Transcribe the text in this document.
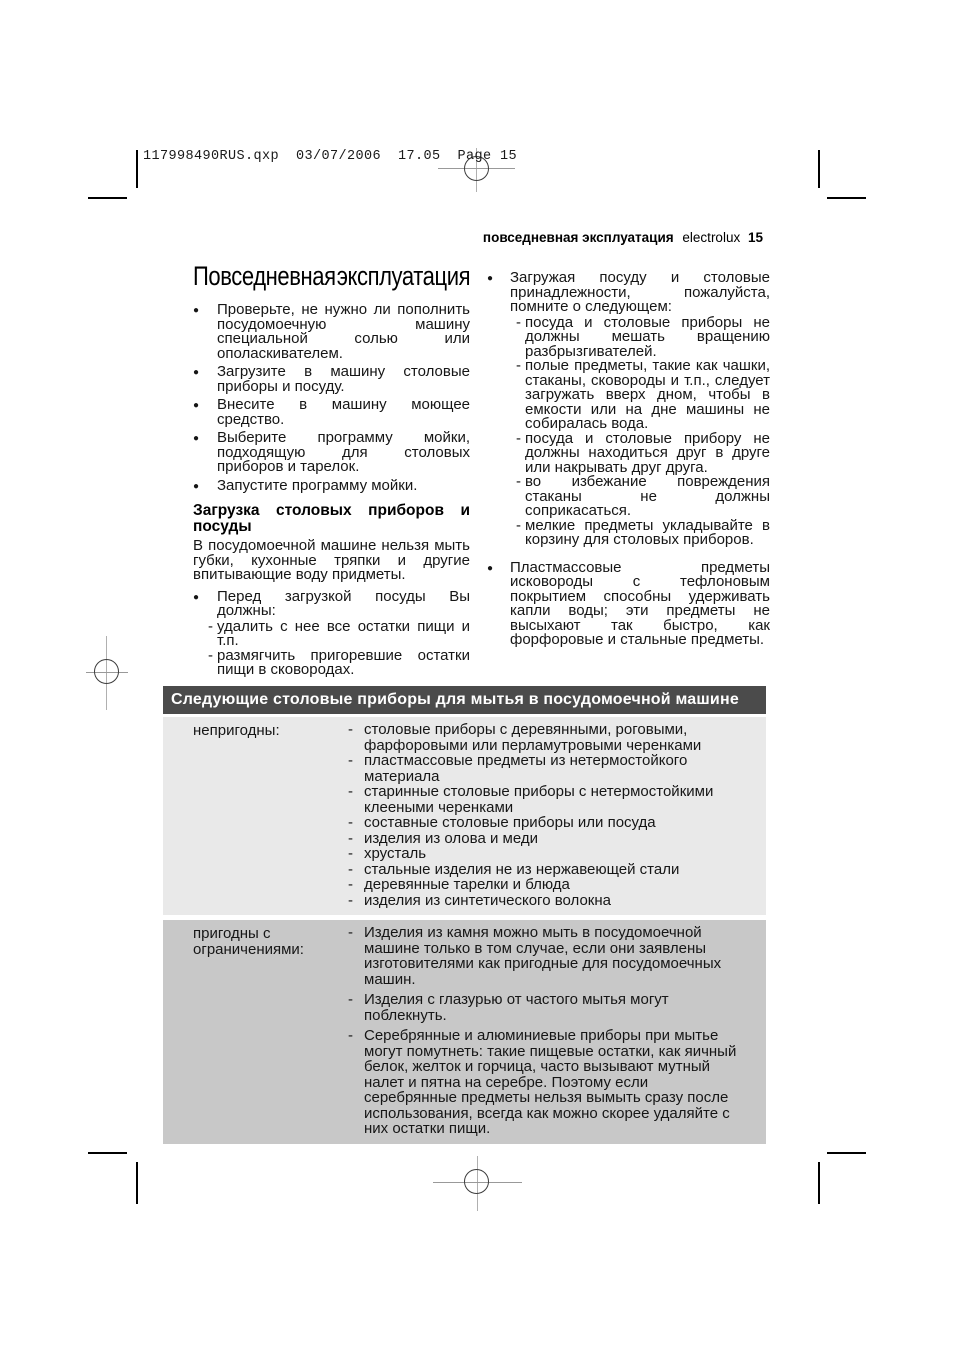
117998490RUS.qxp  03/07/2006  17.05  Page 15
повседневная эксплуатация electrolux 15
Повседневная эксплуатация
●	Проверьте, не нужно ли пополнить посудомоечную машину специальной солью или ополаскивателем.
●	Загрузите в машину столовые приборы и посуду.
●	Внесите в машину моющее средство.
●	Выберите программу мойки, подходящую для столовых приборов и тарелок.
●	Запустите программу мойки.
Загрузка столовых приборов и посуды

В посудомоечной машине нельзя мыть губки, кухонные тряпки и другие впитывающие воду придметы.

●	Перед загрузкой посуды Вы должны:
- удалить с нее все остатки пищи и т.п.
- размягчить пригоревшие остатки пищи в сковородах.
●	Загружая посуду и столовые принадлежности, пожалуйста, помните о следующем:
- посуда и столовые приборы не должны мешать вращению разбрызгивателей.
- полые предметы, такие как чашки, стаканы, сковороды и т.п., следует загружать вверх дном, чтобы в емкости или на дне машины не собиралась вода.
- посуда и столовые прибору не должны находиться друг в друге или накрывать друг друга.
- во избежание повреждения стаканы не должны соприкасаться.
- мелкие предметы укладывайте в корзину для столовых приборов.
●	Пластмассовые предметы исковороды с тефлоновым покрытием способны удерживать капли воды; эти предметы не высыхают так быстро, как форфоровые и стальные предметы.
Следующие столовые приборы для мытья в посудомоечной машине
непригодны:	- столовые приборы с деревянными, роговыми, фарфоровыми или перламутровыми черенками
- пластмассовые предметы из нетермостойкого материала
- старинные столовые приборы с нетермостойкими клееными черенками
- составные столовые приборы или посуда
- изделия из олова и меди
- хрусталь
- стальные изделия не из нержавеющей стали
- деревянные тарелки и блюда
- изделия из синтетического волокна
пригодны с ограничениями:
- Изделия из камня можно мыть в посудомоечной машине только в том случае, если они заявлены изготовителями как пригодные для посудомоечных машин.
- Изделия с глазурью от частого мытья могут поблекнуть.
- Серебрянные и алюминиевые приборы при мытье могут помутнеть: такие пищевые остатки, как яичный белок, желток и горчица, часто вызывают мутный налет и пятна на серебре. Поэтому если серебрянные предметы нельзя вымыть сразу после использования, всегда как можно скорее удаляйте с них остатки пищи.
